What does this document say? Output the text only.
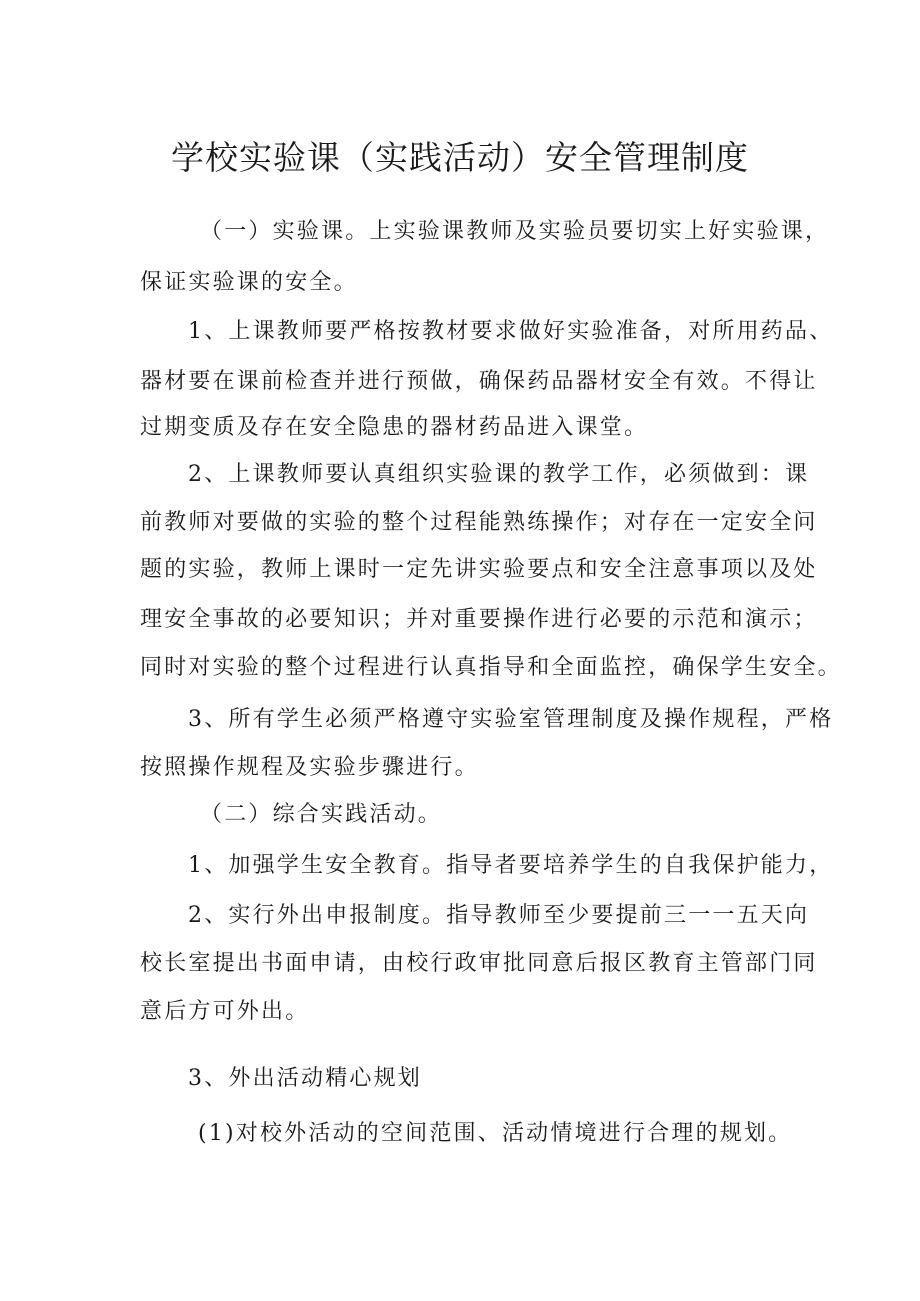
学校实验课（实践活动）安全管理制度
（一）实验课。上实验课教师及实验员要切实上好实验课，
保证实验课的安全。
1、上课教师要严格按教材要求做好实验准备，对所用药品、
器材要在课前检查并进行预做，确保药品器材安全有效。不得让
过期变质及存在安全隐患的器材药品进入课堂。
2、上课教师要认真组织实验课的教学工作，必须做到：课
前教师对要做的实验的整个过程能熟练操作；对存在一定安全问
题的实验，教师上课时一定先讲实验要点和安全注意事项以及处
理安全事故的必要知识；并对重要操作进行必要的示范和演示；
同时对实验的整个过程进行认真指导和全面监控，确保学生安全。
3、所有学生必须严格遵守实验室管理制度及操作规程，严格
按照操作规程及实验步骤进行。
（二）综合实践活动。
1、加强学生安全教育。指导者要培养学生的自我保护能力，
2、实行外出申报制度。指导教师至少要提前三一一五天向
校长室提出书面申请，由校行政审批同意后报区教育主管部门同
意后方可外出。
3、外出活动精心规划
(1)对校外活动的空间范围、活动情境进行合理的规划。
